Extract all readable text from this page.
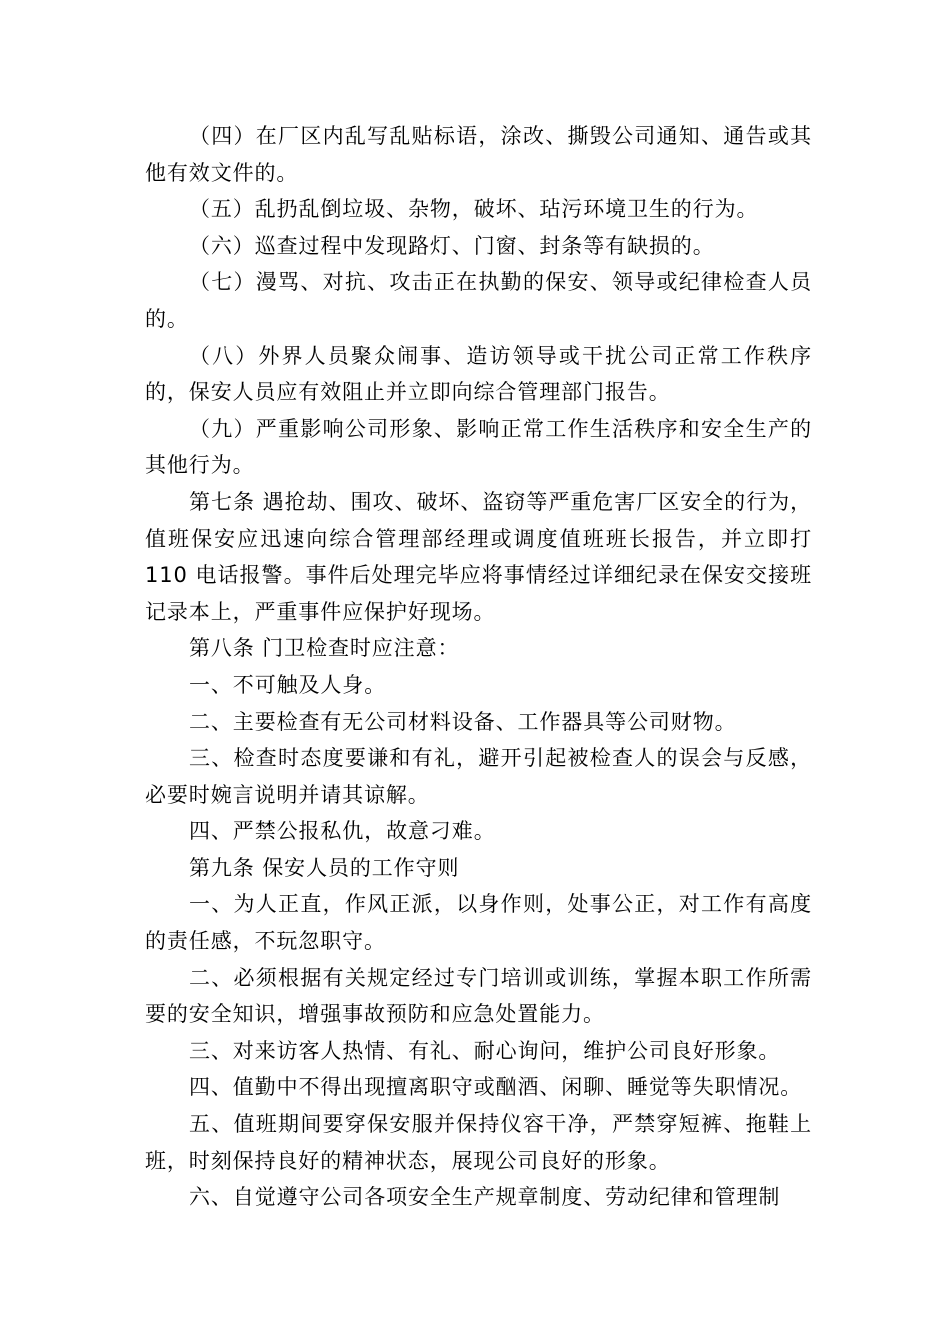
（四）在厂区内乱写乱贴标语，涂改、撕毁公司通知、通告或其他有效文件的。

（五）乱扔乱倒垃圾、杂物，破坏、玷污环境卫生的行为。

（六）巡查过程中发现路灯、门窗、封条等有缺损的。

（七）漫骂、对抗、攻击正在执勤的保安、领导或纪律检查人员的。

（八）外界人员聚众闹事、造访领导或干扰公司正常工作秩序的，保安人员应有效阻止并立即向综合管理部门报告。

（九）严重影响公司形象、影响正常工作生活秩序和安全生产的其他行为。

第七条 遇抢劫、围攻、破坏、盗窃等严重危害厂区安全的行为，值班保安应迅速向综合管理部经理或调度值班班长报告，并立即打110 电话报警。事件后处理完毕应将事情经过详细纪录在保安交接班记录本上，严重事件应保护好现场。

第八条 门卫检查时应注意：

一、不可触及人身。

二、主要检查有无公司材料设备、工作器具等公司财物。

三、检查时态度要谦和有礼，避开引起被检查人的误会与反感，必要时婉言说明并请其谅解。

四、严禁公报私仇，故意刁难。

第九条 保安人员的工作守则

一、为人正直，作风正派，以身作则，处事公正，对工作有高度的责任感，不玩忽职守。

二、必须根据有关规定经过专门培训或训练，掌握本职工作所需要的安全知识，增强事故预防和应急处置能力。

三、对来访客人热情、有礼、耐心询问，维护公司良好形象。

四、值勤中不得出现擅离职守或酗酒、闲聊、睡觉等失职情况。

五、值班期间要穿保安服并保持仪容干净，严禁穿短裤、拖鞋上班，时刻保持良好的精神状态，展现公司良好的形象。

六、自觉遵守公司各项安全生产规章制度、劳动纪律和管理制
